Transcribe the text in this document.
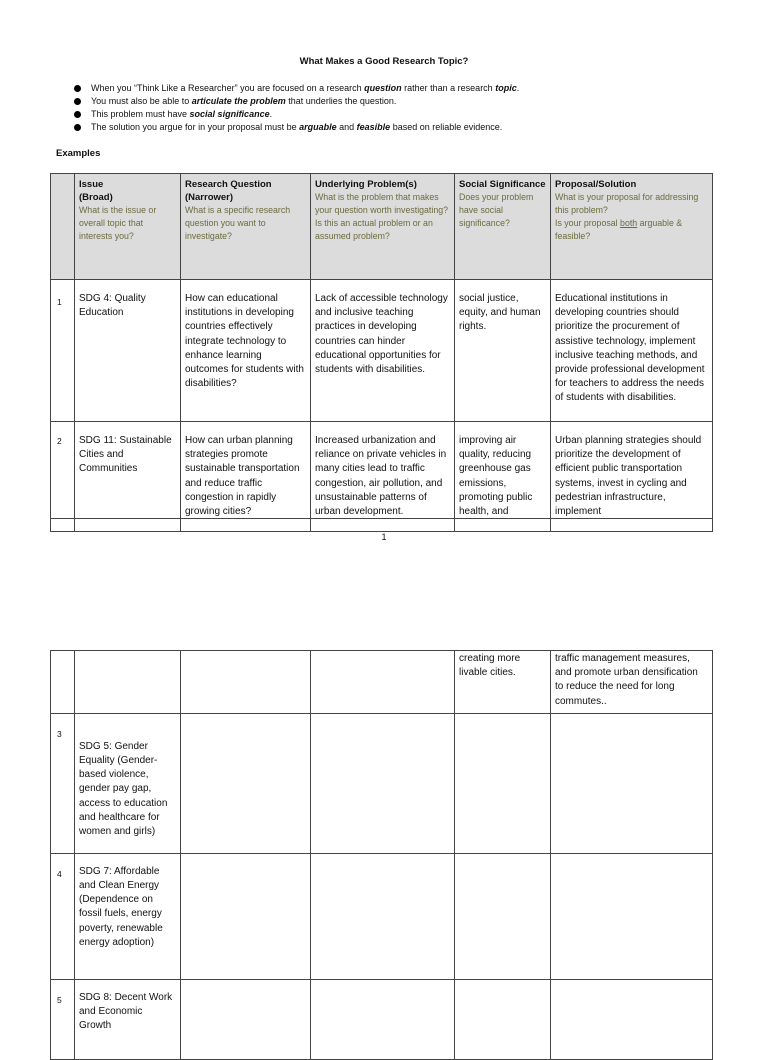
What Makes a Good Research Topic?
When you “Think Like a Researcher” you are focused on a research question rather than a research topic.
You must also be able to articulate the problem that underlies the question.
This problem must have social significance.
The solution you argue for in your proposal must be arguable and feasible based on reliable evidence.
Examples

	Issue
(Broad)
What is the issue or overall topic that interests you?	Research Question
(Narrower)
What is a specific research question you want to investigate?	Underlying Problem(s)
What is the problem that makes your question worth investigating?
Is this an actual problem or an assumed problem?	Social Significance
Does your problem have social significance?	Proposal/Solution
What is your proposal for addressing this problem?
Is your proposal both arguable & feasible?

1	SDG 4: Quality Education	How can educational institutions in developing countries effectively integrate technology to enhance learning outcomes for students with disabilities?	Lack of accessible technology and inclusive teaching practices in developing countries can hinder educational opportunities for students with disabilities.	social justice, equity, and human rights.	Educational institutions in developing countries should prioritize the procurement of assistive technology, implement inclusive teaching methods, and provide professional development for teachers to address the needs of students with disabilities.
2	SDG 11: Sustainable Cities and Communities	How can urban planning strategies promote sustainable transportation and reduce traffic congestion in rapidly growing cities?	Increased urbanization and reliance on private vehicles in many cities lead to traffic congestion, air pollution, and unsustainable patterns of urban development.	improving air quality, reducing greenhouse gas emissions, promoting public health, and	Urban planning strategies should prioritize the development of efficient public transportation systems, invest in cycling and pedestrian infrastructure, implement
1
				creating more livable cities.	traffic management measures, and promote urban densification to reduce the need for long commutes..
3	SDG 5: Gender Equality (Gender-based violence, gender pay gap, access to education and healthcare for women and girls)				
4	SDG 7: Affordable and Clean Energy (Dependence on fossil fuels, energy poverty, renewable energy adoption)				
5	SDG 8: Decent Work and Economic Growth				
